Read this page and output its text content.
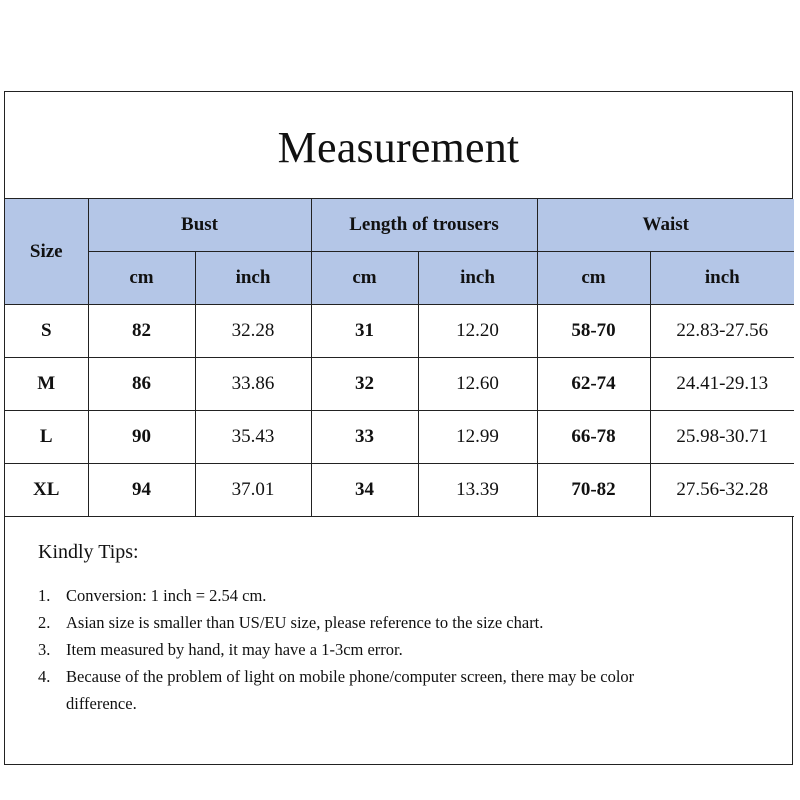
Measurement
Size	Bust		Length of trousers		Waist	
	cm	inch	cm	inch	cm	inch
S	82	32.28	31	12.20	58-70	22.83-27.56
M	86	33.86	32	12.60	62-74	24.41-29.13
L	90	35.43	33	12.99	66-78	25.98-30.71
XL	94	37.01	34	13.39	70-82	27.56-32.28
Kindly Tips:
1. Conversion: 1 inch = 2.54 cm.
2. Asian size is smaller than US/EU size, please reference to the size chart.
3. Item measured by hand, it may have a 1-3cm error.
4. Because of the problem of light on mobile phone/computer screen, there may be color difference.
